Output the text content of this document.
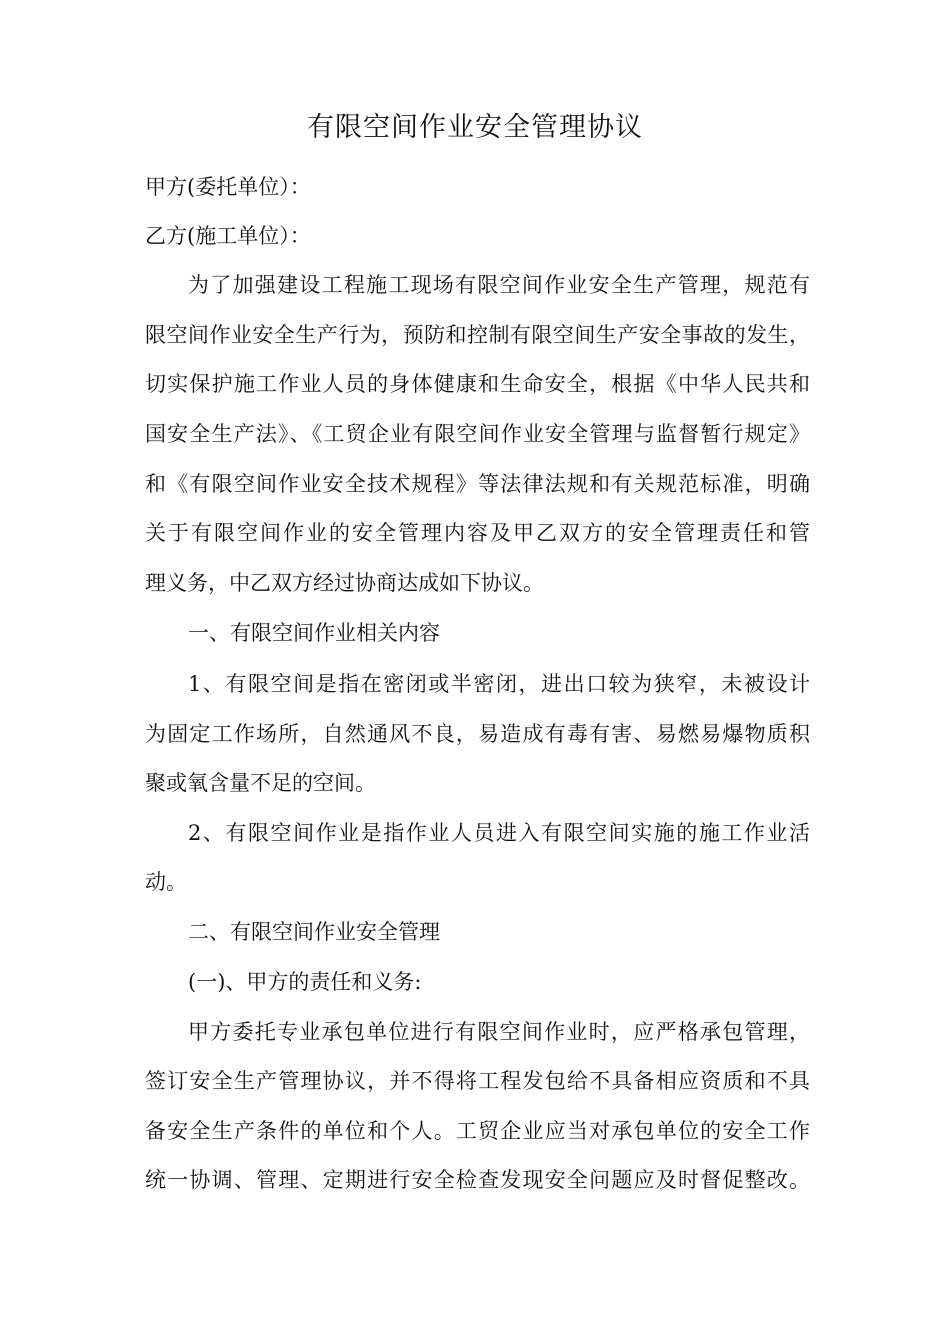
有限空间作业安全管理协议
甲方(委托单位）：
乙方(施工单位）：
为了加强建设工程施工现场有限空间作业安全生产管理，规范有
限空间作业安全生产行为，预防和控制有限空间生产安全事故的发生，
切实保护施工作业人员的身体健康和生命安全，根据《中华人民共和
国安全生产法》、《工贸企业有限空间作业安全管理与监督暂行规定》
和《有限空间作业安全技术规程》等法律法规和有关规范标准，明确
关于有限空间作业的安全管理内容及甲乙双方的安全管理责任和管
理义务，中乙双方经过协商达成如下协议。
一、有限空间作业相关内容
1、有限空间是指在密闭或半密闭，进出口较为狭窄，未被设计
为固定工作场所，自然通风不良，易造成有毒有害、易燃易爆物质积
聚或氧含量不足的空间。
2、有限空间作业是指作业人员进入有限空间实施的施工作业活
动。
二、有限空间作业安全管理
(一)、甲方的责任和义务:
甲方委托专业承包单位进行有限空间作业时，应严格承包管理，
签订安全生产管理协议，并不得将工程发包给不具备相应资质和不具
备安全生产条件的单位和个人。工贸企业应当对承包单位的安全工作
统一协调、管理、定期进行安全检查发现安全问题应及时督促整改。
